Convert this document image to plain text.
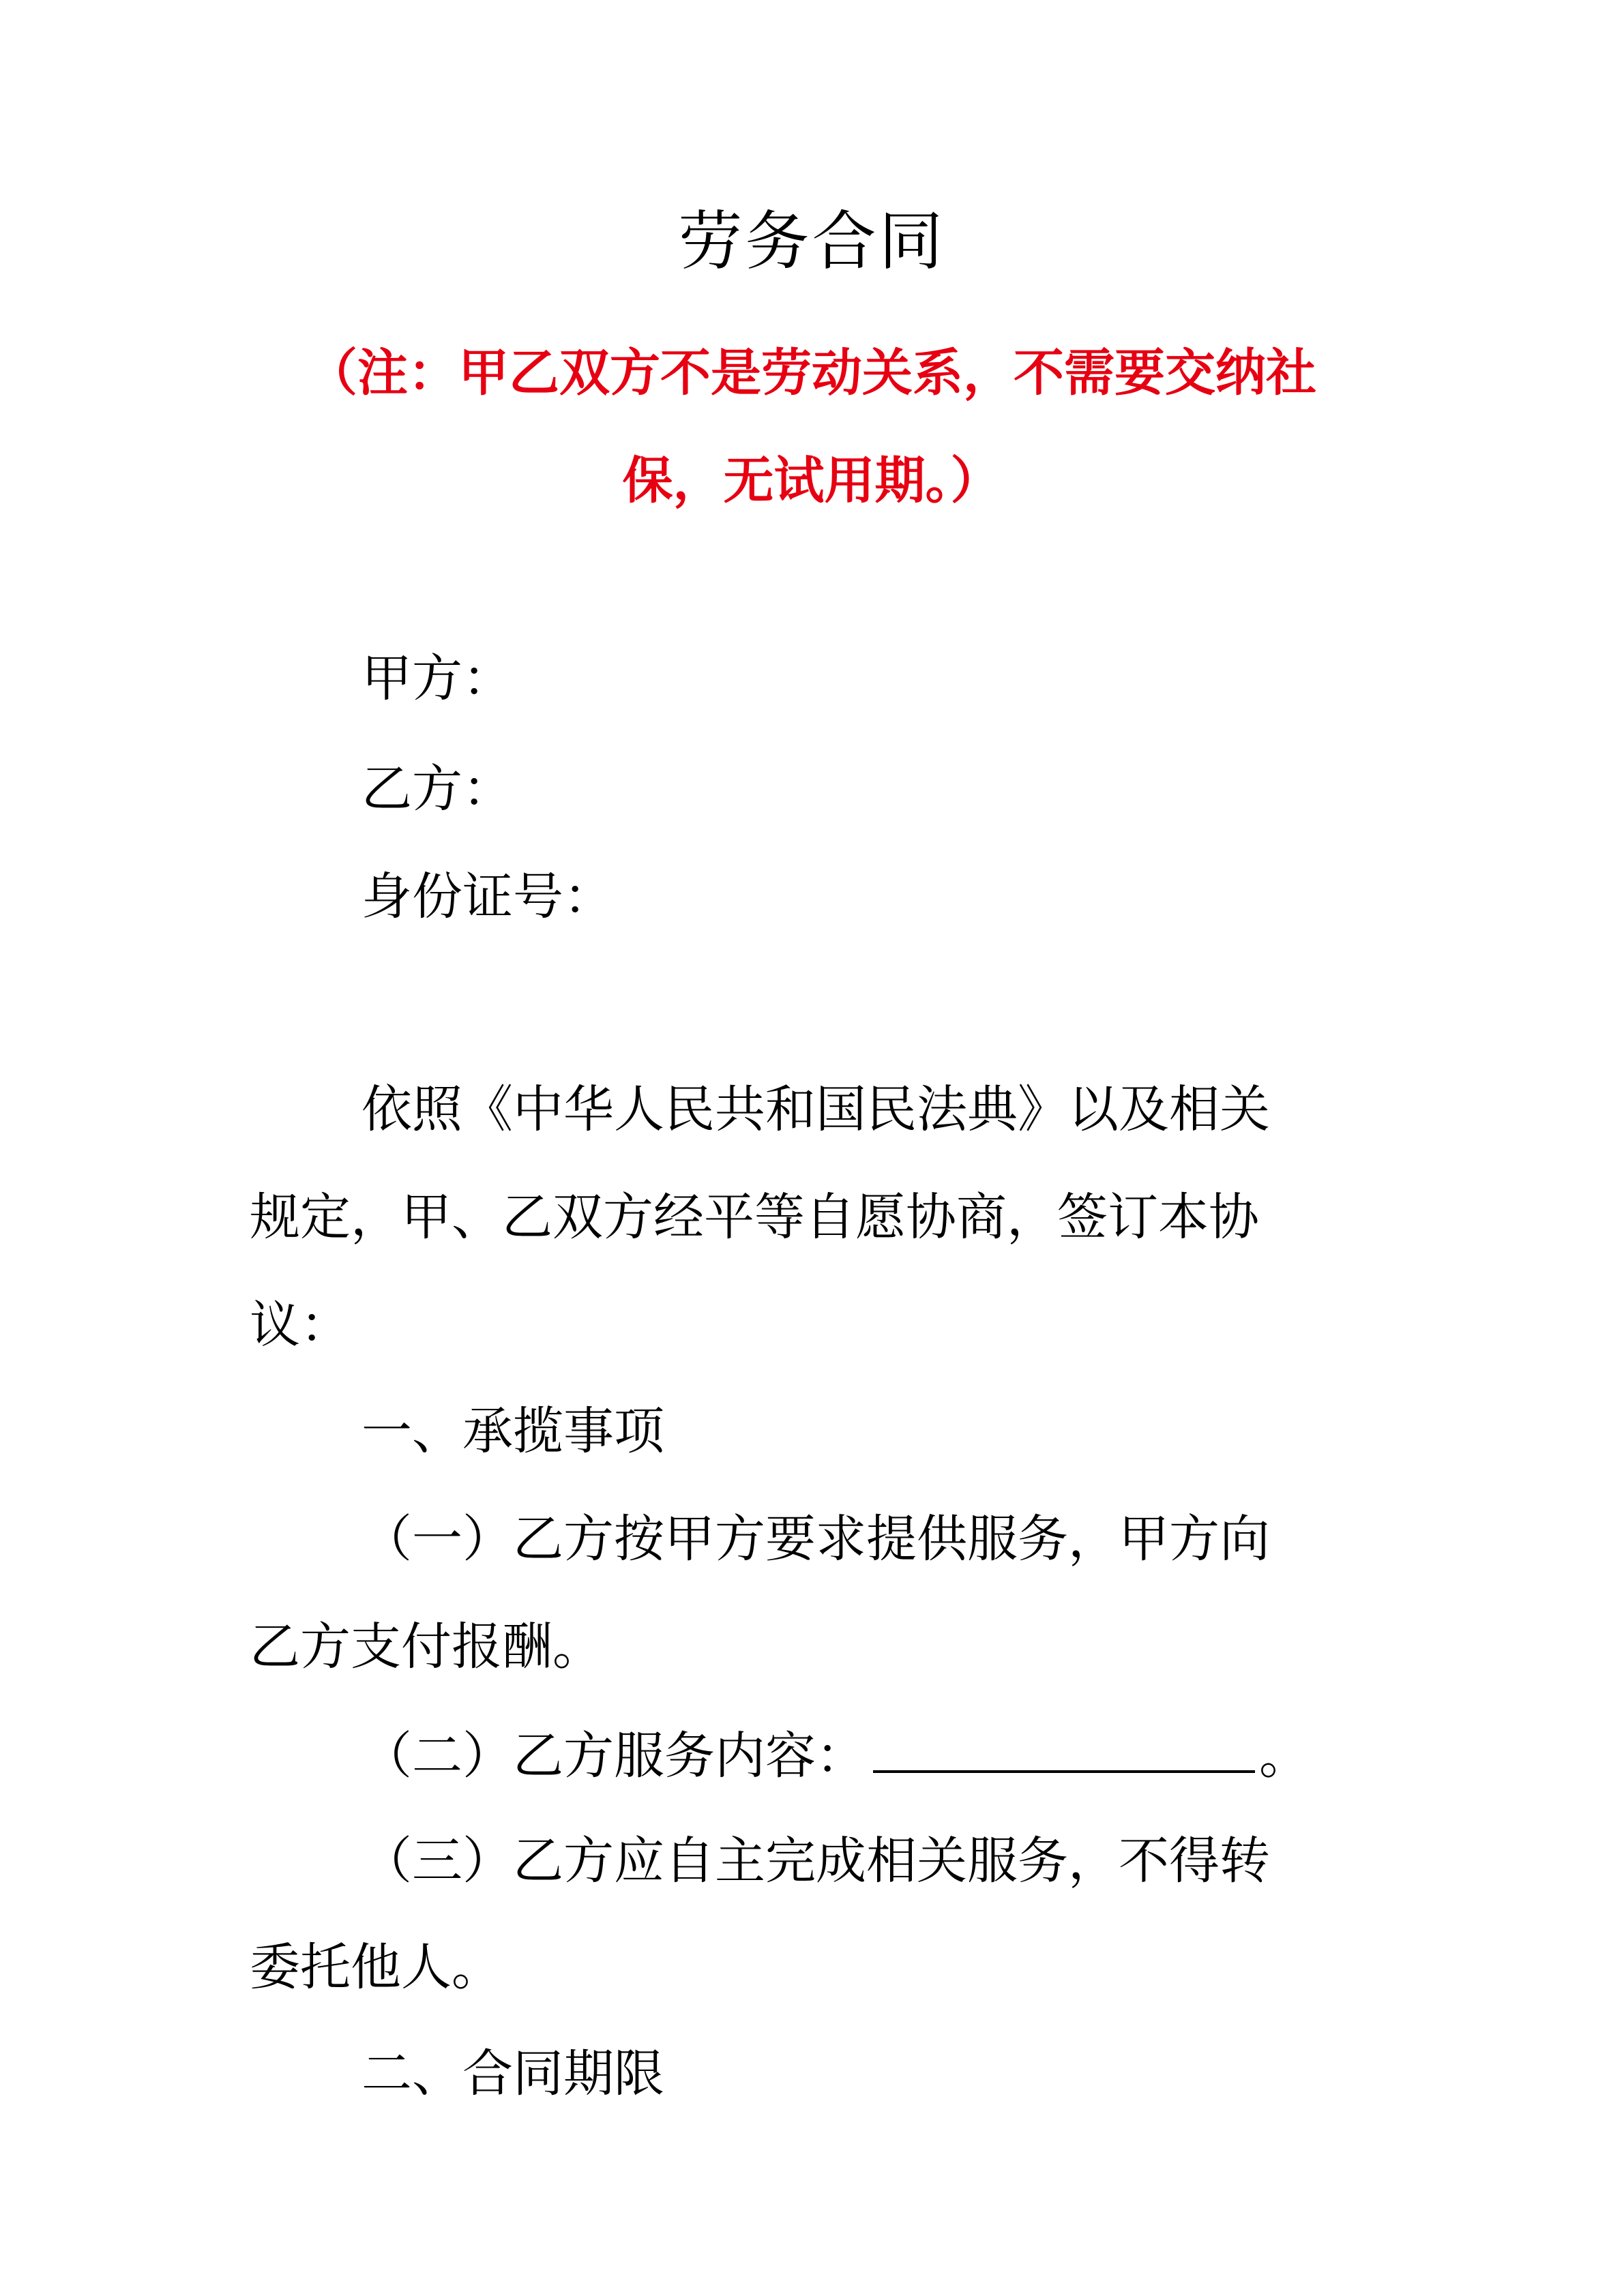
劳务合同
（注：甲乙双方不是劳动关系，不需要交纳社
保，无试用期。）
甲方：
乙方：
身份证号：
依照《中华人民共和国民法典》以及相关
规定，甲、乙双方经平等自愿协商，签订本协
议：
一、承揽事项
（一）乙方按甲方要求提供服务，甲方向
乙方支付报酬。
（二）乙方服务内容：	。
（三）乙方应自主完成相关服务，不得转
委托他人。
二、合同期限
